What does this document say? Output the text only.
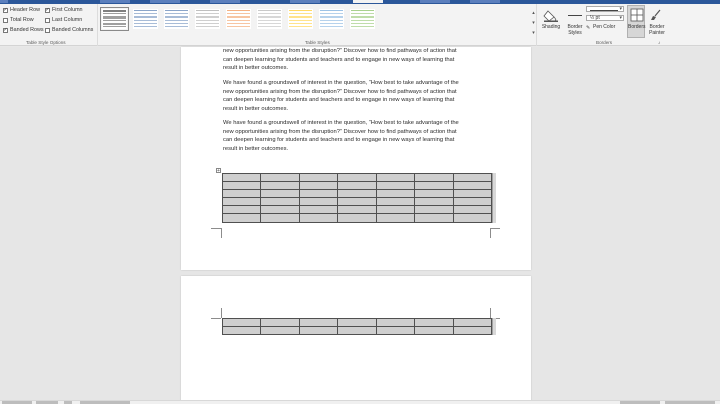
✓ Header Row ✓ First Column
Total Row	Last Column
✓ Banded Rows Banded Columns
Table Style Options	Table Styles
▴
▾
▾
Shading	Border Styles
▾
½ pt	▾
✎ Pen Color	Borders Border Painter
Borders	⌟
new opportunities arising from the disruption?” Discover how to find pathways of action that
can deepen learning for students and teachers and to engage in new ways of learning that
result in better outcomes.
We have found a groundswell of interest in the question, “How best to take advantage of the
new opportunities arising from the disruption?” Discover how to find pathways of action that
can deepen learning for students and teachers and to engage in new ways of learning that
result in better outcomes.
We have found a groundswell of interest in the question, “How best to take advantage of the
new opportunities arising from the disruption?” Discover how to find pathways of action that
can deepen learning for students and teachers and to engage in new ways of learning that
result in better outcomes.
+
